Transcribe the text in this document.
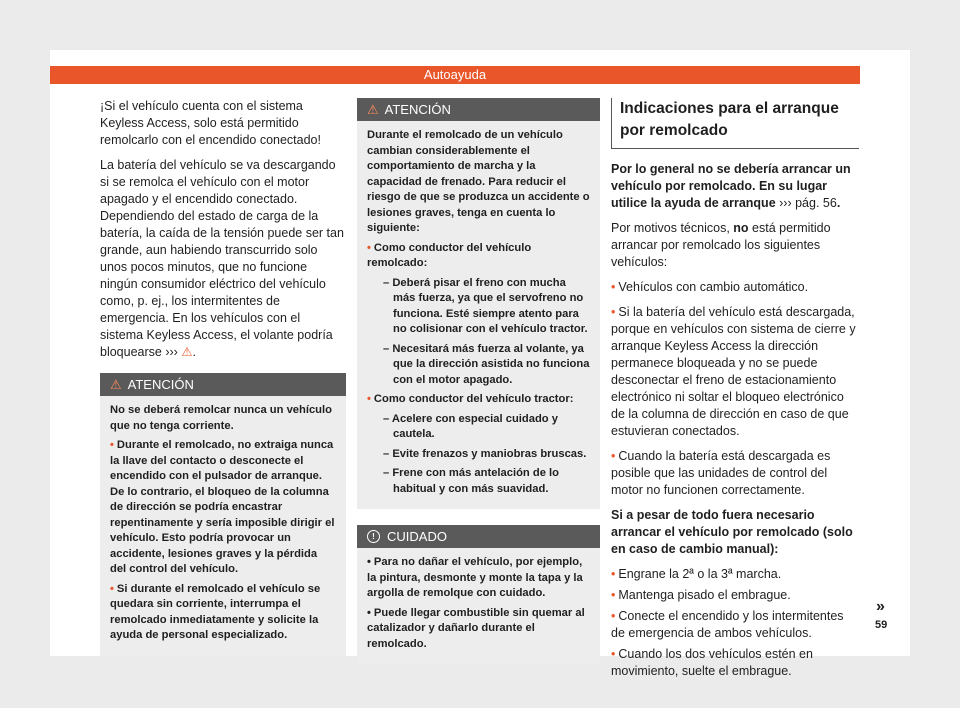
Autoayuda

¡Si el vehículo cuenta con el sistema Keyless Access, solo está permitido remolcarlo con el encendido conectado!

La batería del vehículo se va descargando si se remolca el vehículo con el motor apagado y el encendido conectado. Dependiendo del estado de carga de la batería, la caída de la tensión puede ser tan grande, aun habiendo transcurrido solo unos pocos minutos, que no funcione ningún consumidor eléctrico del vehículo como, p. ej., los intermitentes de emergencia. En los vehículos con el sistema Keyless Access, el volante podría bloquearse ››› ⚠.

⚠ ATENCIÓN

No se deberá remolcar nunca un vehículo que no tenga corriente.

• Durante el remolcado, no extraiga nunca la llave del contacto o desconecte el encendido con el pulsador de arranque. De lo contrario, el bloqueo de la columna de dirección se podría encastrar repentinamente y sería imposible dirigir el vehículo. Esto podría provocar un accidente, lesiones graves y la pérdida del control del vehículo.

• Si durante el remolcado el vehículo se quedara sin corriente, interrumpa el remolcado inmediatamente y solicite la ayuda de personal especializado.

⚠ ATENCIÓN

Durante el remolcado de un vehículo cambian considerablemente el comportamiento de marcha y la capacidad de frenado. Para reducir el riesgo de que se produzca un accidente o lesiones graves, tenga en cuenta lo siguiente:

• Como conductor del vehículo remolcado:

– Deberá pisar el freno con mucha más fuerza, ya que el servofreno no funciona. Esté siempre atento para no colisionar con el vehículo tractor.
– Necesitará más fuerza al volante, ya que la dirección asistida no funciona con el motor apagado.

• Como conductor del vehículo tractor:

– Acelere con especial cuidado y cautela.
– Evite frenazos y maniobras bruscas.
– Frene con más antelación de lo habitual y con más suavidad.
! CUIDADO

• Para no dañar el vehículo, por ejemplo, la pintura, desmonte y monte la tapa y la argolla de remolque con cuidado.

• Puede llegar combustible sin quemar al catalizador y dañarlo durante el remolcado.

Indicaciones para el arranque por remolcado

Por lo general no se debería arrancar un vehículo por remolcado. En su lugar utilice la ayuda de arranque ››› pág. 56.

Por motivos técnicos, no está permitido arrancar por remolcado los siguientes vehículos:

• Vehículos con cambio automático.

• Si la batería del vehículo está descargada, porque en vehículos con sistema de cierre y arranque Keyless Access la dirección permanece bloqueada y no se puede desconectar el freno de estacionamiento electrónico ni soltar el bloqueo electrónico de la columna de dirección en caso de que estuvieran conectados.

• Cuando la batería está descargada es posible que las unidades de control del motor no funcionen correctamente.

Si a pesar de todo fuera necesario arrancar el vehículo por remolcado (solo en caso de cambio manual):

• Engrane la 2ª o la 3ª marcha.

• Mantenga pisado el embrague.

• Conecte el encendido y los intermitentes de emergencia de ambos vehículos.

• Cuando los dos vehículos estén en movimiento, suelte el embrague.

»
59
